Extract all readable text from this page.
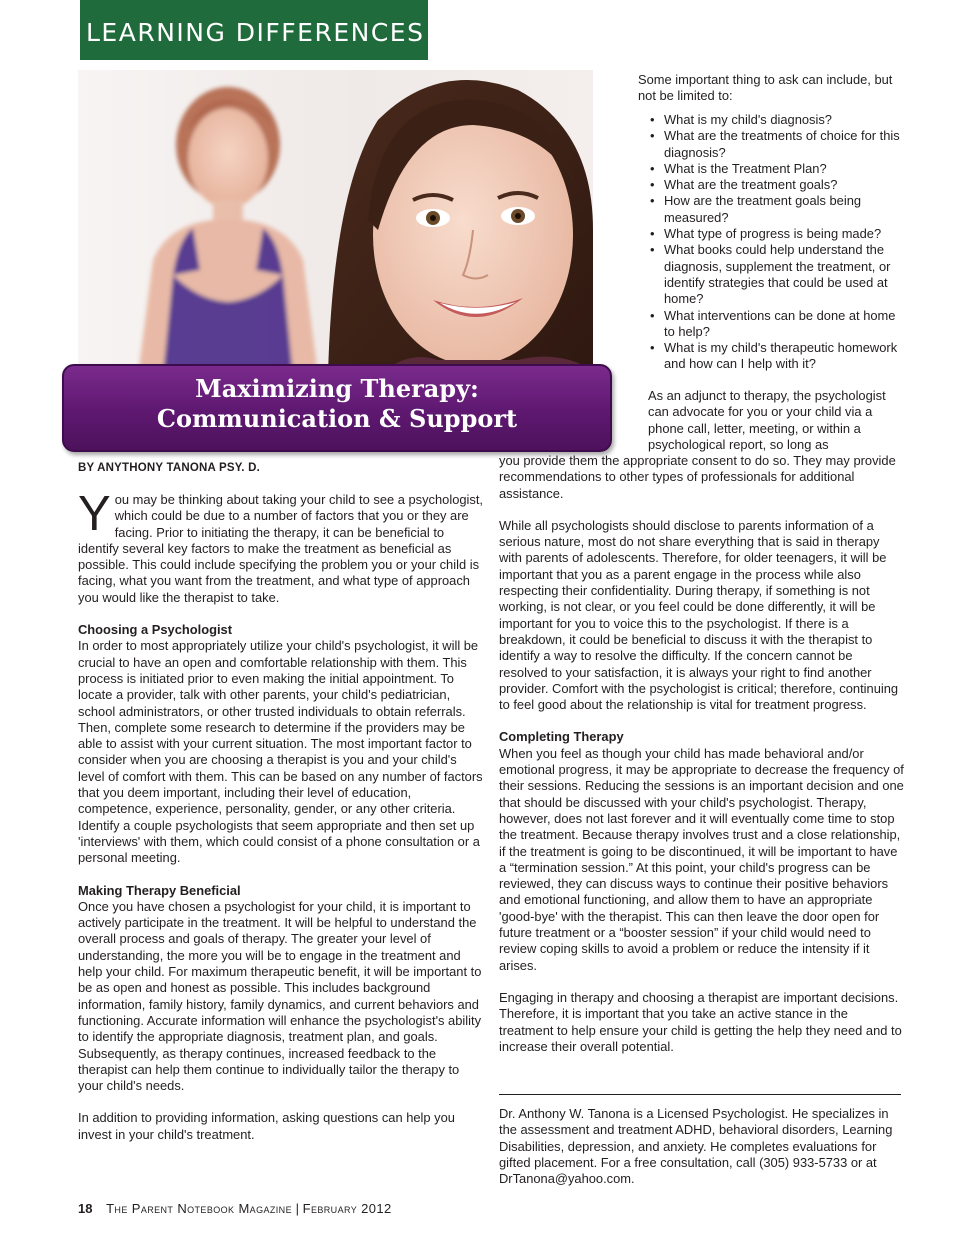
LEARNING DIFFERENCES
Maximizing Therapy:
Communication & Support
BY ANYTHONY TANONA PSY. D.

You may be thinking about taking your child to see a psychologist, which could be due to a number of factors that you or they are facing. Prior to initiating the therapy, it can be beneficial to identify several key factors to make the treatment as beneficial as possible. This could include specifying the problem you or your child is facing, what you want from the treatment, and what type of approach you would like the therapist to take.

Choosing a Psychologist

In order to most appropriately utilize your child's psychologist, it will be crucial to have an open and comfortable relationship with them. This process is initiated prior to even making the initial appointment. To locate a provider, talk with other parents, your child's pediatrician, school administrators, or other trusted individuals to obtain referrals. Then, complete some research to determine if the providers may be able to assist with your current situation. The most important factor to consider when you are choosing a therapist is you and your child's level of comfort with them. This can be based on any number of factors that you deem important, including their level of education, competence, experience, personality, gender, or any other criteria. Identify a couple psychologists that seem appropriate and then set up 'interviews' with them, which could consist of a phone consultation or a personal meeting.

Making Therapy Beneficial

Once you have chosen a psychologist for your child, it is important to actively participate in the treatment. It will be helpful to understand the overall process and goals of therapy. The greater your level of understanding, the more you will be to engage in the treatment and help your child. For maximum therapeutic benefit, it will be important to be as open and honest as possible. This includes background information, family history, family dynamics, and current behaviors and functioning. Accurate information will enhance the psychologist's ability to identify the appropriate diagnosis, treatment plan, and goals. Subsequently, as therapy continues, increased feedback to the therapist can help them continue to individually tailor the therapy to your child's needs.

In addition to providing information, asking questions can help you invest in your child's treatment.

Some important thing to ask can include, but not be limited to:

• What is my child's diagnosis?
• What are the treatments of choice for this diagnosis?
• What is the Treatment Plan?
• What are the treatment goals?
• How are the treatment goals being measured?
• What type of progress is being made?
• What books could help understand the diagnosis, supplement the treatment, or identify strategies that could be used at home?
• What interventions can be done at home to help?
• What is my child's therapeutic homework and how can I help with it?

As an adjunct to therapy, the psychologist can advocate for you or your child via a phone call, letter, meeting, or within a psychological report, so long as

you provide them the appropriate consent to do so. They may provide recommendations to other types of professionals for additional assistance.

While all psychologists should disclose to parents information of a serious nature, most do not share everything that is said in therapy with parents of adolescents. Therefore, for older teenagers, it will be important that you as a parent engage in the process while also respecting their confidentiality. During therapy, if something is not working, is not clear, or you feel could be done differently, it will be important for you to voice this to the psychologist. If there is a breakdown, it could be beneficial to discuss it with the therapist to identify a way to resolve the difficulty. If the concern cannot be resolved to your satisfaction, it is always your right to find another provider. Comfort with the psychologist is critical; therefore, continuing to feel good about the relationship is vital for treatment progress.

Completing Therapy

When you feel as though your child has made behavioral and/or emotional progress, it may be appropriate to decrease the frequency of their sessions. Reducing the sessions is an important decision and one that should be discussed with your child's psychologist. Therapy, however, does not last forever and it will eventually come time to stop the treatment. Because therapy involves trust and a close relationship, if the treatment is going to be discontinued, it will be important to have a “termination session.” At this point, your child's progress can be reviewed, they can discuss ways to continue their positive behaviors and emotional functioning, and allow them to have an appropriate 'good-bye' with the therapist. This can then leave the door open for future treatment or a “booster session” if your child would need to review coping skills to avoid a problem or reduce the intensity if it arises.

Engaging in therapy and choosing a therapist are important decisions. Therefore, it is important that you take an active stance in the treatment to help ensure your child is getting the help they need and to increase their overall potential.

Dr. Anthony W. Tanona is a Licensed Psychologist. He specializes in the assessment and treatment ADHD, behavioral disorders, Learning Disabilities, depression, and anxiety. He completes evaluations for gifted placement. For a free consultation, call (305) 933-5733 or at DrTanona@yahoo.com.

18 The Parent Notebook Magazine | February 2012
